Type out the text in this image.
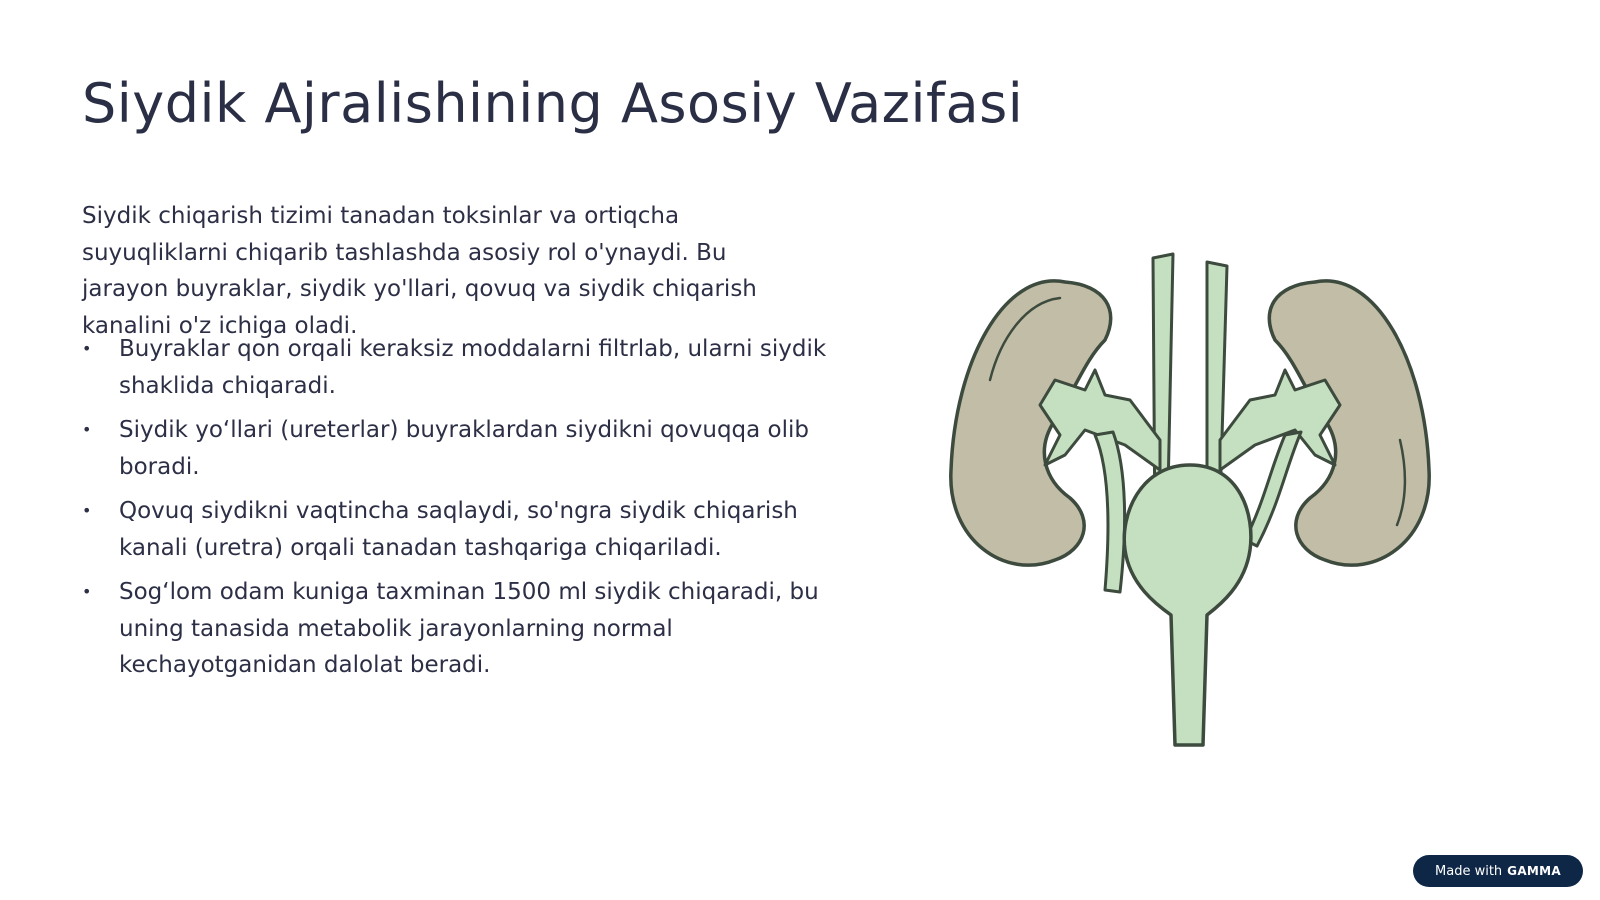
Siydik Ajralishining Asosiy Vazifasi

Siydik chiqarish tizimi tanadan toksinlar va ortiqcha suyuqliklarni chiqarib tashlashda asosiy rol o'ynaydi. Bu jarayon buyraklar, siydik yo'llari, qovuq va siydik chiqarish kanalini o'z ichiga oladi.

• Buyraklar qon orqali keraksiz moddalarni filtrlab, ularni siydik shaklida chiqaradi.
• Siydik yo‘llari (ureterlar) buyraklardan siydikni qovuqqa olib boradi.
• Qovuq siydikni vaqtincha saqlaydi, so'ngra siydik chiqarish kanali (uretra) orqali tanadan tashqariga chiqariladi.
• Sog‘lom odam kuniga taxminan 1500 ml siydik chiqaradi, bu uning tanasida metabolik jarayonlarning normal kechayotganidan dalolat beradi.
Made with GAMMA
